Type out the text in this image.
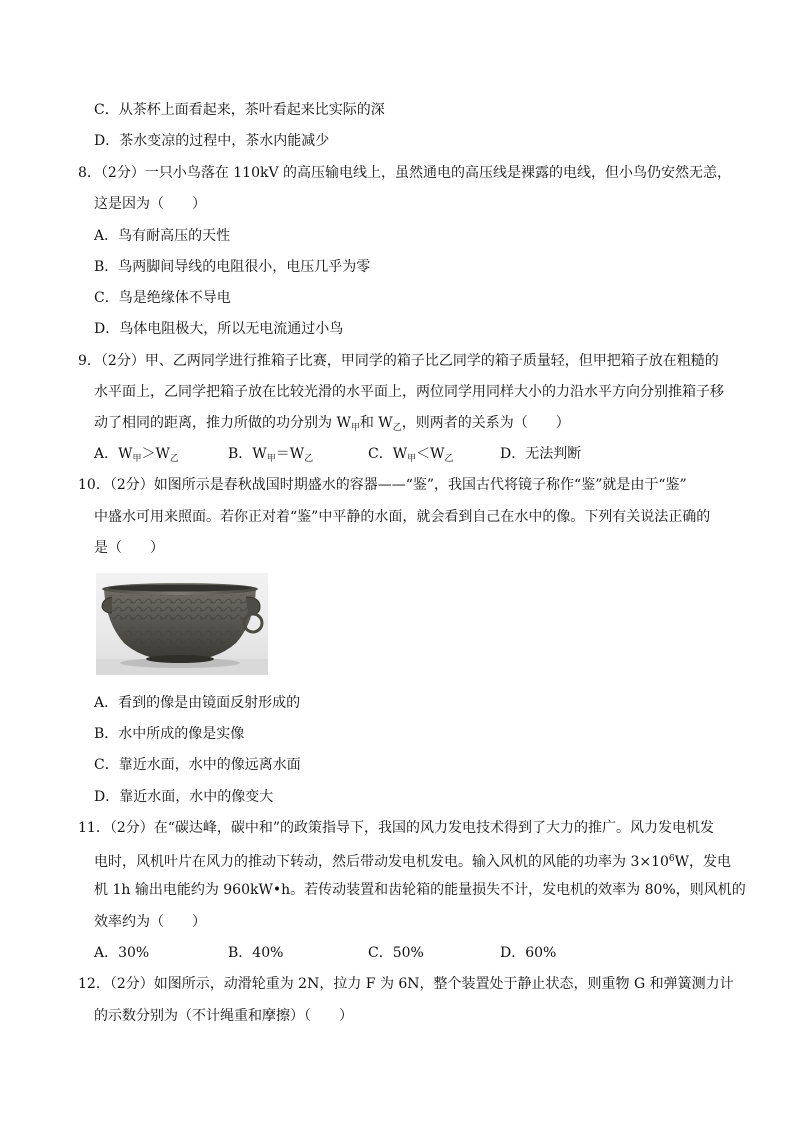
C．从茶杯上面看起来，茶叶看起来比实际的深
D．茶水变凉的过程中，茶水内能减少
8．（2分）一只小鸟落在 110kV 的高压输电线上，虽然通电的高压线是裸露的电线，但小鸟仍安然无恙，
这是因为（　　）
A．鸟有耐高压的天性
B．鸟两脚间导线的电阻很小，电压几乎为零
C．鸟是绝缘体不导电
D．鸟体电阻极大，所以无电流通过小鸟
9．（2分）甲、乙两同学进行推箱子比赛，甲同学的箱子比乙同学的箱子质量轻，但甲把箱子放在粗糙的
水平面上，乙同学把箱子放在比较光滑的水平面上，两位同学用同样大小的力沿水平方向分别推箱子移
动了相同的距离，推力所做的功分别为 $W_甲$和 $W_乙$，则两者的关系为（　　）
A．$W_甲>W_乙$	B．$W_甲=W_乙$	C．$W_甲<W_乙$	D．无法判断
10．（2分）如图所示是春秋战国时期盛水的容器——“鉴”，我国古代将镜子称作“鉴”就是由于“鉴”
中盛水可用来照面。若你正对着“鉴”中平静的水面，就会看到自己在水中的像。下列有关说法正确的
是（　　）
A．看到的像是由镜面反射形成的
B．水中所成的像是实像
C．靠近水面，水中的像远离水面
D．靠近水面，水中的像变大
11．（2分）在“碳达峰，碳中和”的政策指导下，我国的风力发电技术得到了大力的推广。风力发电机发
电时，风机叶片在风力的推动下转动，然后带动发电机发电。输入风机的风能的功率为 $3\times 10^6W$，发电
机 1h 输出电能约为 960kW•h。若传动装置和齿轮箱的能量损失不计，发电机的效率为 80%，则风机的
效率约为（　　）
A．30%	B．40%	C．50%	D．60%
12．（2分）如图所示，动滑轮重为 2N，拉力 F 为 6N，整个装置处于静止状态，则重物 G 和弹簧测力计
的示数分别为（不计绳重和摩擦）（　　）
